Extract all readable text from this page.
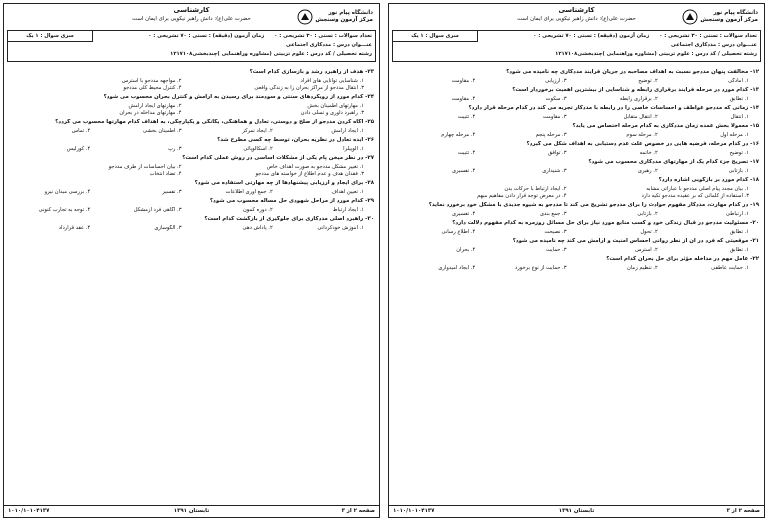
دانشگاه پیام نور
مرکز آزمون وسنجش
کارشناسی
حضرت علی(ع): دانش راهبر نیکویی برای ایمان است
تعداد سوالات : تستی : ۳۰ تشریحی : ۰زمان آزمون (دقیقه) : تستی : ۷۰ تشریحی : ۰
سری سوال : ۱ یک
عنـــوان درس : مددکاری اجتماعی
رشته تحصیلی / کد درس : علوم تربیتی (مشاوره وراهنمایی )چندبخشی۱۲۱۷۱۰۸
۲۳- هدف از راهبرد رشد و بازسازی کدام است؟
۱. شناسایی توانایی های افراد
۲. مواجهه مددجو با استرس
۳. انتقال مددجو از مراکز بحران زا به زندگی واقعی
۴. کنترل محیط کلی مددجو
۲۴- کدام مورد از رویکردهای سنتی و سودمند برای رسیدن به آرامش و کنترل بحران محسوب می شود؟
۱. مهارتهای اطمینان بخش
۲. مهارتهای ایجاد آرامش
۳. راهبرد داوری و تسلی دادن
۴. مهارتهای مداخله در بحران
۲۵- آگاه کردن مددجو از صلح و دوستی، تعادل و هماهنگی، یگانگی و یکپارچگی، به اهداف کدام مهارتها محسوب می گردد؟
۱. ایجاد آرامش
۲. ایجاد تمرکز
۳. اطمینان بخشی
۴. تماس
۲۶- ایده تعادل در نظریه بحران، توسط چه کسی مطرح شد؟
۱. الوپیلرا
۲. اسکالوپائی
۳. رپ
۴. کورلیس
۲۷- در نظر میخن پام یکی از مشکلات اساسی در روش عملی کدام است؟
۱. تغییر مشکل مددجو به صورت اهداف خاص
۲. بیان احساسات از طرف مددجو
۳. فقدان هدف و عدم اطلاع از خواسته های مددجو
۴. تضاد انتخاب
۲۸- برای ایجاد و ارزیابی پیشنهادها از چه مهارتی استفاده می شود؟
۱. تعیین اهداف
۲. جمع آوری اطلاعات
۳. تفسیر
۴. بررسی میدان نیرو
۲۹- کدام مورد از مراحل شهودی حل مساله محسوب می شود؟
۱. ایجاد ارتباط
۲. دوره کمون
۳. آگاهی فرد ازمشکل
۴. توجه به تجارب کنونی
۳۰- راهبرد اصلی مددکاری برای جلوگیری از بازگشت کدام است؟
۱. آموزش خودکردانی
۲. پاداش دهی
۳. الگوسازی
۴. عقد قرارداد
صفحه ۲ از ۳
تابستان ۱۳۹۱
۱۰۱۰/۱۰۱۰۴۱۳۷
دانشگاه پیام نور
مرکز آزمون وسنجش
کارشناسی
حضرت علی(ع): دانش راهبر نیکویی برای ایمان است
تعداد سوالات : تستی : ۳۰ تشریحی : ۰زمان آزمون (دقیقه) : تستی : ۷۰ تشریحی : ۰
سری سوال : ۱ یک
عنـــوان درس : مددکاری اجتماعی
رشته تحصیلی / کد درس : علوم تربیتی (مشاوره وراهنمایی )چندبخشی۱۲۱۷۱۰۸
۱۲- مخالفت پنهان مددجو نسبت به اهداف مصاحبه در جریان فرایند مددکاری چه نامیده می شود؟
۱. آمادگی
۲. توضیح
۳. ارزیابی
۴. مقاومت
۱۳- کدام مورد در مرحله فرایند برقراری رابطه و شناسایی از بیشترین اهمیت برخوردار است؟
۱. تطابق
۲. برقراری رابطه
۳. سکوت
۴. مقاومت
۱۴- زمانی که مددجو عواطف و احساسات خاصی را در رابطه با مددکار تجربه می کند در کدام مرحله قرار دارد؟
۱. انتقال
۲. انتقال متقابل
۳. مقاومت
۴. تثبیت
۱۵- معمولاً بخش عمده زمان مددکاری به کدام مرحله اختصاص می یابد؟
۱. مرحله اول
۲. مرحله سوم
۳. مرحله پنجم
۴. مرحله چهارم
۱۶- در کدام مرحله، فرضیه هایی در خصوص علت عدم دستیابی به اهداف شکل می گیرد؟
۱. توضیح
۲. خاتمه
۳. توافق
۴. تثبیت
۱۷- تصریح جزء کدام یک از مهارتهای مددکاری محسوب می شود؟
۱. بازتابی
۲. رهبری
۳. شنیداری
۴. تفسیری
۱۸- کدام مورد بر بازگویی اشاره دارد؟
۱. بیان مجدد پیام اصلی مددجو با عباراتی مشابه
۲. ایجاد ارتباط با حرکات بدن
۳. استفاده از کلماتی که بر عقیده مددجو تکیه دارد
۴. در معرض توجه قرار دادن مفاهیم مبهم
۱۹- در کدام مهارت، مددکار مفهوم حوادث را برای مددجو تشریح می کند تا مددجو به شیوه جدیدی با مشکل خود برخورد نماید؟
۱. ارتباطی
۲. بازتابی
۳. جمع بندی
۴. تفسیری
۲۰- مسئولیت مددجو در قبال زندگی خود و کسب منابع مورد نیاز برای حل مسائل روزمره به کدام مفهوم دلالت دارد؟
۱. تطابق
۲. تحول
۳. نصیحت
۴. اطلاع رسانی
۲۱- موقعیتی که فرد در آن از نظر روانی احساس امنیت و آرامش می کند چه نامیده می شود؟
۱. تطابق
۲. استرس
۳. حمایت
۴. بحران
۲۲- عامل مهم در مداخله مؤثر برای حل بحران کدام است؟
۱. حمایت عاطفی
۲. تنظیم زمان
۳. حمایت از نوع برخورد
۴. ایجاد امیدواری
صفحه ۲ از ۳
تابستان ۱۳۹۱
۱۰۱۰/۱۰۱۰۴۱۳۷
